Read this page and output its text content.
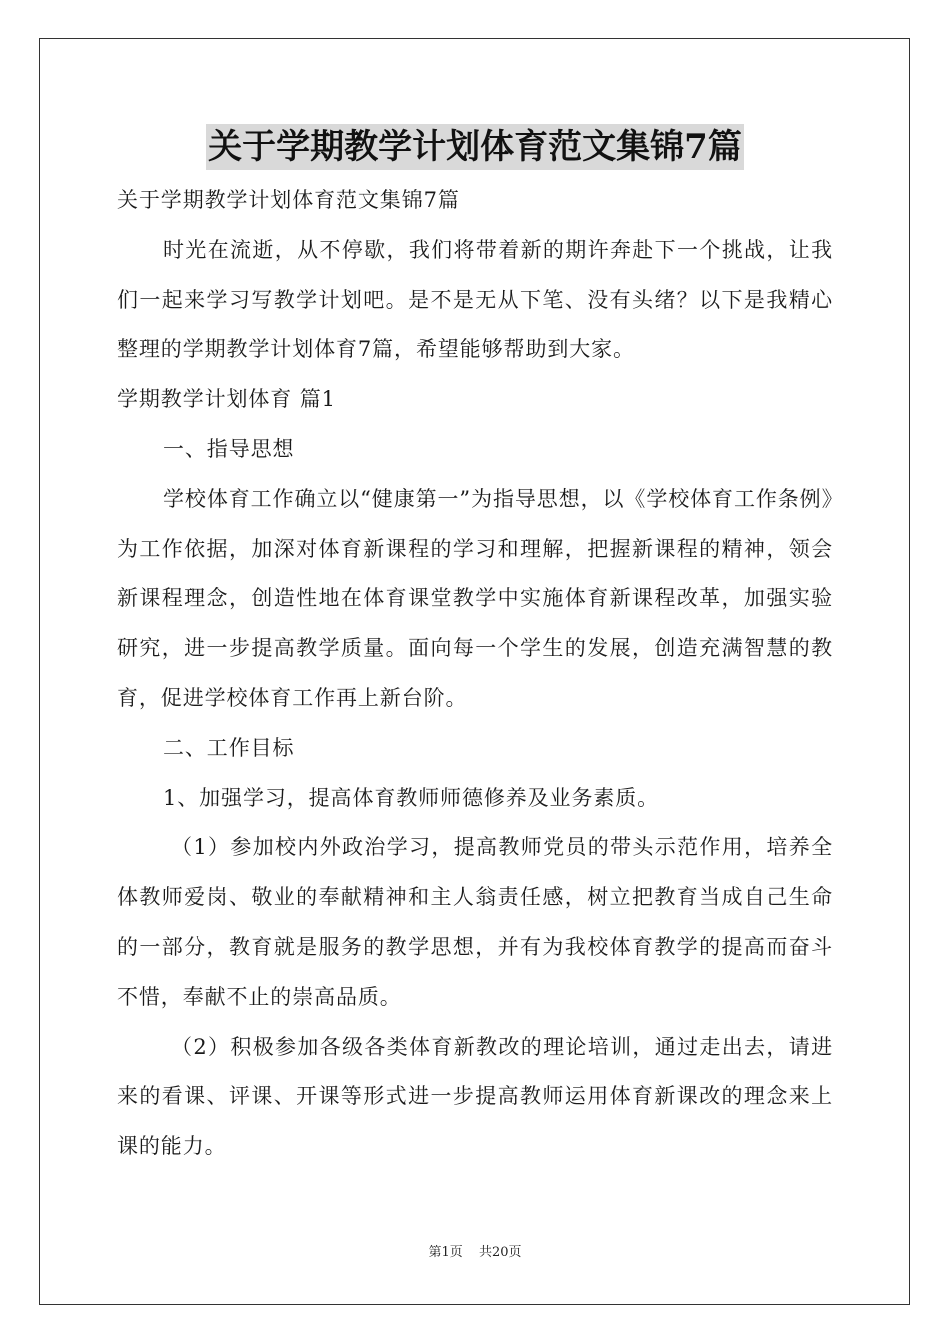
关于学期教学计划体育范文集锦7篇

关于学期教学计划体育范文集锦7篇

时光在流逝，从不停歇，我们将带着新的期许奔赴下一个挑战，让我们一起来学习写教学计划吧。是不是无从下笔、没有头绪？以下是我精心整理的学期教学计划体育7篇，希望能够帮助到大家。

学期教学计划体育 篇1

一、指导思想

学校体育工作确立以“健康第一”为指导思想，以《学校体育工作条例》为工作依据，加深对体育新课程的学习和理解，把握新课程的精神，领会新课程理念，创造性地在体育课堂教学中实施体育新课程改革，加强实验研究，进一步提高教学质量。面向每一个学生的发展，创造充满智慧的教育，促进学校体育工作再上新台阶。

二、工作目标

1、加强学习，提高体育教师师德修养及业务素质。

（1）参加校内外政治学习，提高教师党员的带头示范作用，培养全体教师爱岗、敬业的奉献精神和主人翁责任感，树立把教育当成自己生命的一部分，教育就是服务的教学思想，并有为我校体育教学的提高而奋斗不惜，奉献不止的崇高品质。

（2）积极参加各级各类体育新教改的理论培训，通过走出去，请进来的看课、评课、开课等形式进一步提高教师运用体育新课改的理念来上课的能力。

第1页 共20页
